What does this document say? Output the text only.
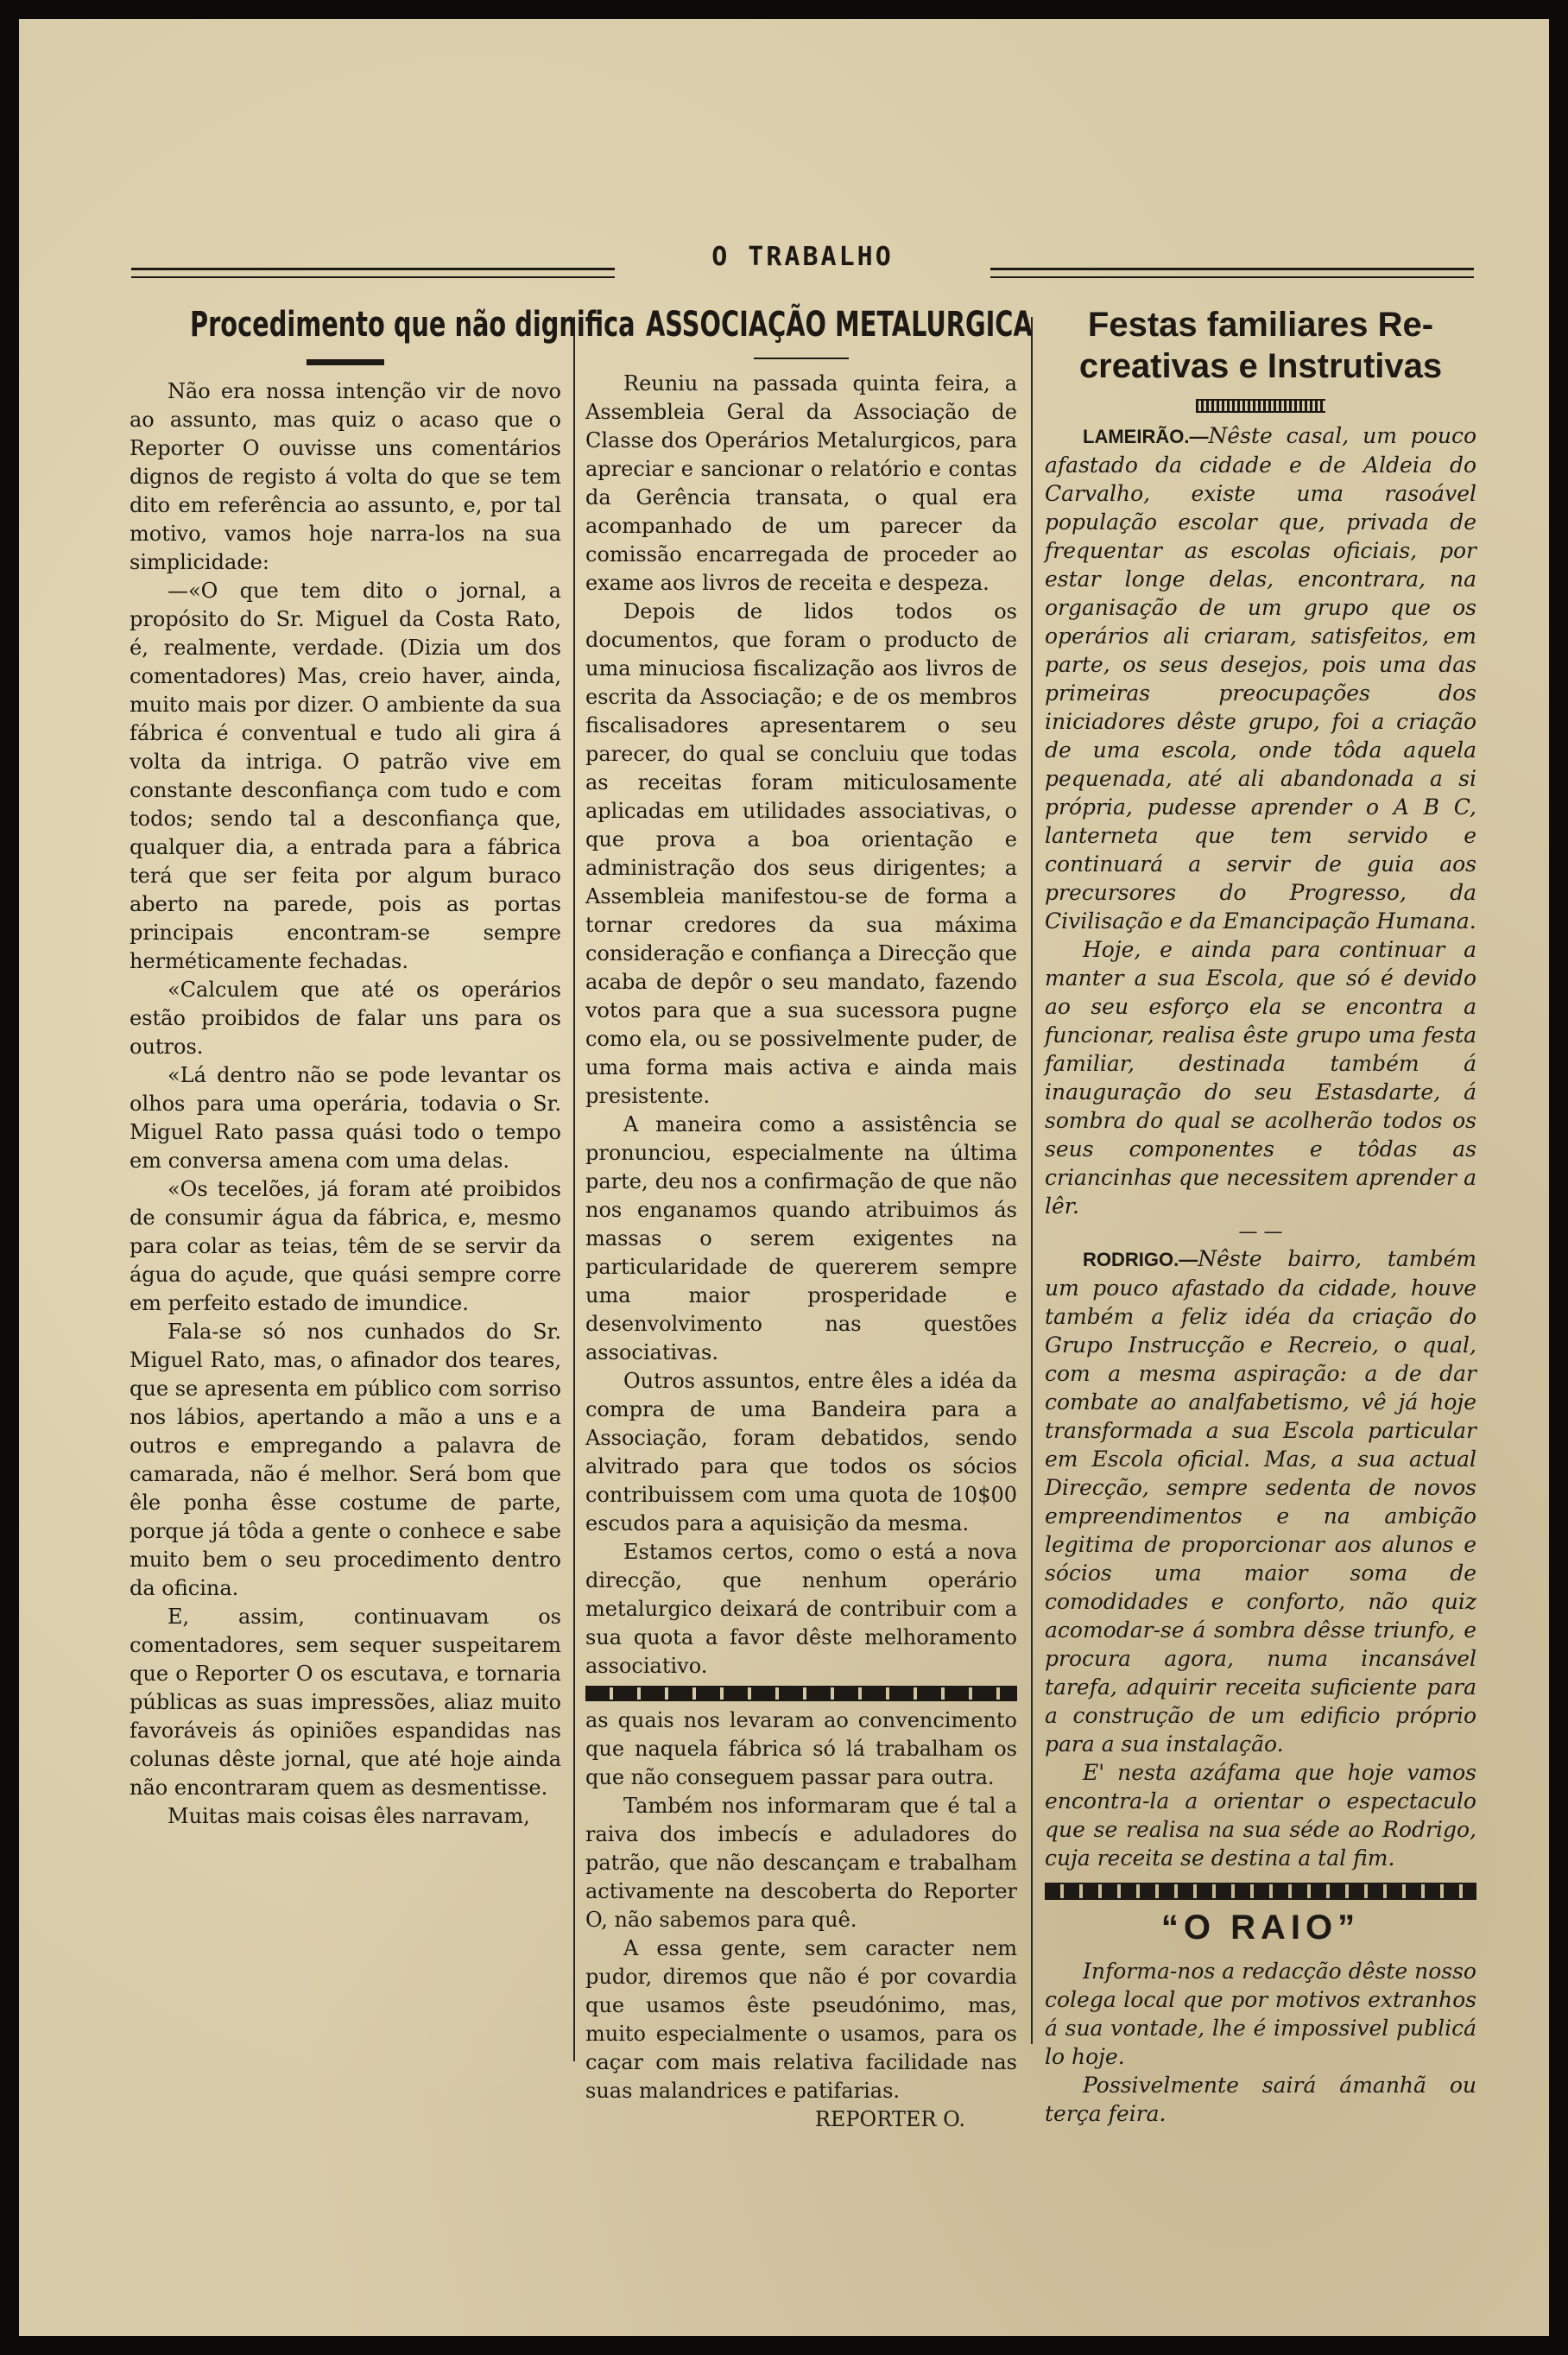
O TRABALHO
Procedimento que não dignifica

Não era nossa intenção vir de novo ao assunto, mas quiz o acaso que o Reporter O ouvisse uns comentários dignos de registo á volta do que se tem dito em referência ao assunto, e, por tal motivo, vamos hoje narra-los na sua simplicidade:

—«O que tem dito o jornal, a propósito do Sr. Miguel da Costa Rato, é, realmente, verdade. (Dizia um dos comentadores) Mas, creio haver, ainda, muito mais por dizer. O ambiente da sua fábrica é conventual e tudo ali gira á volta da intriga. O patrão vive em constante desconfiança com tudo e com todos; sendo tal a desconfiança que, qualquer dia, a entrada para a fábrica terá que ser feita por algum buraco aberto na parede, pois as portas principais encontram-se sempre herméticamente fechadas.

«Calculem que até os operários estão proibidos de falar uns para os outros.

«Lá dentro não se pode levantar os olhos para uma operária, todavia o Sr. Miguel Rato passa quási todo o tempo em conversa amena com uma delas.

«Os tecelões, já foram até proibidos de consumir água da fábrica, e, mesmo para colar as teias, têm de se servir da água do açude, que quási sempre corre em perfeito estado de imundice.

Fala-se só nos cunhados do Sr. Miguel Rato, mas, o afinador dos teares, que se apresenta em público com sorriso nos lábios, apertando a mão a uns e a outros e empregando a palavra de camarada, não é melhor. Será bom que êle ponha êsse costume de parte, porque já tôda a gente o conhece e sabe muito bem o seu procedimento dentro da oficina.

E, assim, continuavam os comentadores, sem sequer suspeitarem que o Reporter O os escutava, e tornaria públicas as suas impressões, aliaz muito favoráveis ás opiniões espandidas nas colunas dêste jornal, que até hoje ainda não encontraram quem as desmentisse.

Muitas mais coisas êles narravam,

ASSOCIAÇÃO METALURGICA

Reuniu na passada quinta feira, a Assembleia Geral da Associação de Classe dos Operários Metalurgicos, para apreciar e sancionar o relatório e contas da Gerência transata, o qual era acompanhado de um parecer da comissão encarregada de proceder ao exame aos livros de receita e despeza.

Depois de lidos todos os documentos, que foram o producto de uma minuciosa fiscalização aos livros de escrita da Associação; e de os membros fiscalisadores apresentarem o seu parecer, do qual se concluiu que todas as receitas foram miticulosamente aplicadas em utilidades associativas, o que prova a boa orientação e administração dos seus dirigentes; a Assembleia manifestou-se de forma a tornar credores da sua máxima consideração e confiança a Direcção que acaba de depôr o seu mandato, fazendo votos para que a sua sucessora pugne como ela, ou se possivelmente puder, de uma forma mais activa e ainda mais presistente.

A maneira como a assistência se pronunciou, especialmente na última parte, deu nos a confirmação de que não nos enganamos quando atribuimos ás massas o serem exigentes na particularidade de quererem sempre uma maior prosperidade e desenvolvimento nas questões associativas.

Outros assuntos, entre êles a idéa da compra de uma Bandeira para a Associação, foram debatidos, sendo alvitrado para que todos os sócios contribuissem com uma quota de 10$00 escudos para a aquisição da mesma.

Estamos certos, como o está a nova direcção, que nenhum operário metalurgico deixará de contribuir com a sua quota a favor dêste melhoramento associativo.

as quais nos levaram ao convencimento que naquela fábrica só lá trabalham os que não conseguem passar para outra.

Também nos informaram que é tal a raiva dos imbecís e aduladores do patrão, que não descançam e trabalham activamente na descoberta do Reporter O, não sabemos para quê.

A essa gente, sem caracter nem pudor, diremos que não é por covardia que usamos êste pseudónimo, mas, muito especialmente o usamos, para os caçar com mais relativa facilidade nas suas malandrices e patifarias.

REPORTER O.
Festas familiares Re-
creativas e Instrutivas

LAMEIRÃO.—Nêste casal, um pouco afastado da cidade e de Aldeia do Carvalho, existe uma rasoável população escolar que, privada de frequentar as escolas oficiais, por estar longe delas, encontrara, na organisação de um grupo que os operários ali criaram, satisfeitos, em parte, os seus desejos, pois uma das primeiras preocupações dos iniciadores dêste grupo, foi a criação de uma escola, onde tôda aquela pequenada, até ali abandonada a si própria, pudesse aprender o A B C, lanterneta que tem servido e continuará a servir de guia aos precursores do Progresso, da Civilisação e da Emancipação Humana.

Hoje, e ainda para continuar a manter a sua Escola, que só é devido ao seu esforço ela se encontra a funcionar, realisa êste grupo uma festa familiar, destinada também á inauguração do seu Estasdarte, á sombra do qual se acolherão todos os seus componentes e tôdas as criancinhas que necessitem aprender a lêr.

— —

RODRIGO.—Nêste bairro, também um pouco afastado da cidade, houve também a feliz idéa da criação do Grupo Instrucção e Recreio, o qual, com a mesma aspiração: a de dar combate ao analfabetismo, vê já hoje transformada a sua Escola particular em Escola oficial. Mas, a sua actual Direcção, sempre sedenta de novos empreendimentos e na ambição legitima de proporcionar aos alunos e sócios uma maior soma de comodidades e conforto, não quiz acomodar-se á sombra dêsse triunfo, e procura agora, numa incansável tarefa, adquirir receita suficiente para a construção de um edificio próprio para a sua instalação.

E' nesta azáfama que hoje vamos encontra-la a orientar o espectaculo que se realisa na sua séde ao Rodrigo, cuja receita se destina a tal fim.

“O RAIO”

Informa-nos a redacção dêste nosso colega local que por motivos extranhos á sua vontade, lhe é impossivel publicá lo hoje.

Possivelmente sairá ámanhã ou terça feira.
